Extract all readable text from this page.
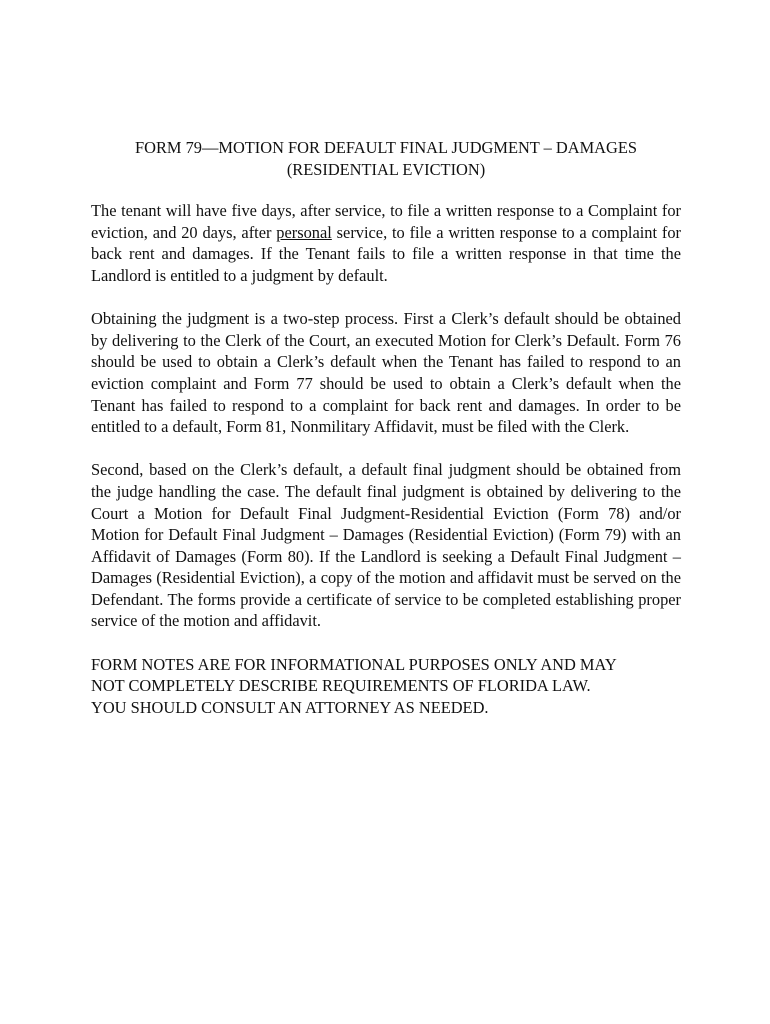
FORM 79—MOTION FOR DEFAULT FINAL JUDGMENT – DAMAGES
(RESIDENTIAL EVICTION)

The tenant will have five days, after service, to file a written response to a Complaint for eviction, and 20 days, after personal service, to file a written response to a complaint for back rent and damages. If the Tenant fails to file a written response in that time the Landlord is entitled to a judgment by default.

Obtaining the judgment is a two-step process. First a Clerk’s default should be obtained by delivering to the Clerk of the Court, an executed Motion for Clerk’s Default. Form 76 should be used to obtain a Clerk’s default when the Tenant has failed to respond to an eviction complaint and Form 77 should be used to obtain a Clerk’s default when the Tenant has failed to respond to a complaint for back rent and damages. In order to be entitled to a default, Form 81, Nonmilitary Affidavit, must be filed with the Clerk.

Second, based on the Clerk’s default, a default final judgment should be obtained from the judge handling the case. The default final judgment is obtained by delivering to the Court a Motion for Default Final Judgment-Residential Eviction (Form 78) and/or Motion for Default Final Judgment – Damages (Residential Eviction) (Form 79) with an Affidavit of Damages (Form 80). If the Landlord is seeking a Default Final Judgment – Damages (Residential Eviction), a copy of the motion and affidavit must be served on the Defendant. The forms provide a certificate of service to be completed establishing proper service of the motion and affidavit.

FORM NOTES ARE FOR INFORMATIONAL PURPOSES ONLY AND MAY
NOT COMPLETELY DESCRIBE REQUIREMENTS OF FLORIDA LAW.
YOU SHOULD CONSULT AN ATTORNEY AS NEEDED.
